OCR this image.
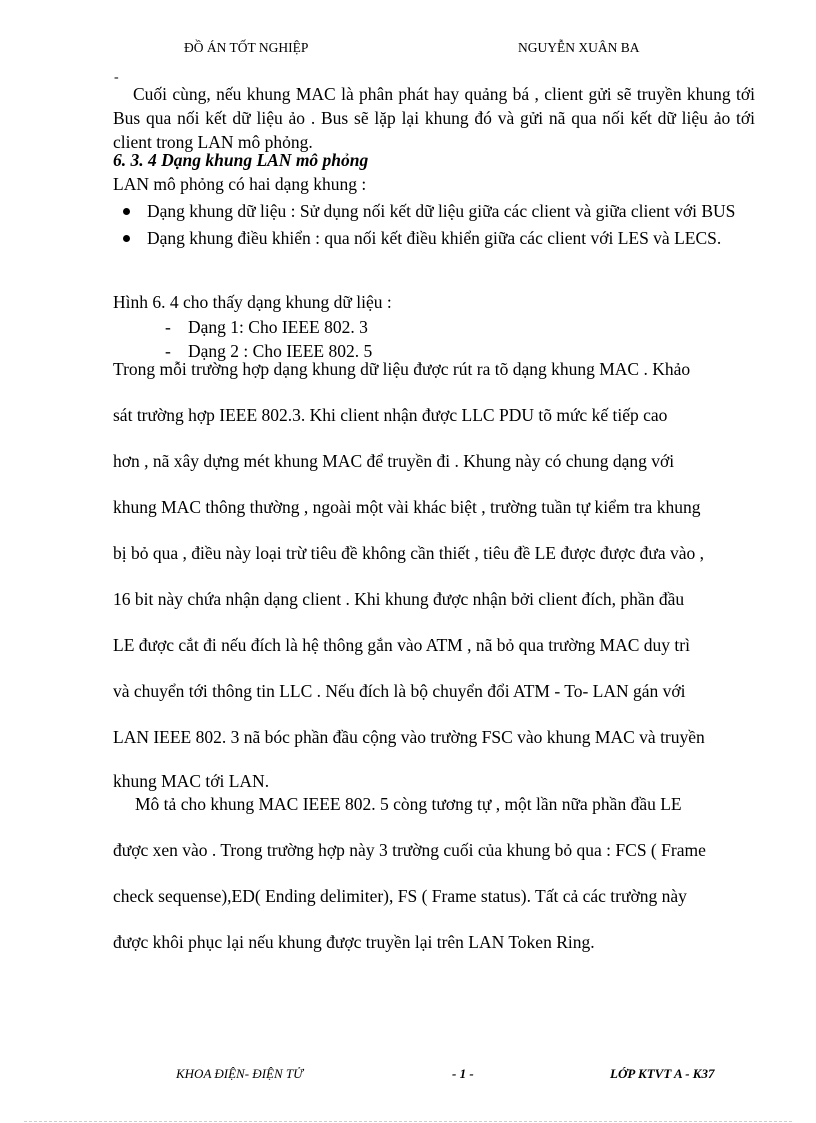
ĐỒ ÁN TỐT NGHIỆP	NGUYỄN XUÂN BA
-
Cuối cùng, nếu khung MAC là phân phát hay quảng bá , client gửi sẽ truyền khung tới Bus qua nối kết dữ liệu ảo . Bus sẽ lặp lại khung đó và gửi nã qua nối kết dữ liệu ảo tới client trong LAN mô phỏng.
6. 3. 4 Dạng khung LAN mô phỏng
LAN mô phỏng có hai dạng khung :
Dạng khung dữ liệu : Sử dụng nối kết dữ liệu giữa các client và giữa client với BUS
Dạng khung điều khiển : qua nối kết điều khiển giữa các client với LES và LECS.
Hình 6. 4 cho thấy dạng khung dữ liệu :
- Dạng 1: Cho IEEE 802. 3
- Dạng 2 : Cho IEEE 802. 5
Trong mỗi trường hợp dạng khung dữ liệu được rút ra tõ dạng khung MAC . Khảo
sát trường hợp IEEE 802.3. Khi client nhận được LLC PDU tõ mức kế tiếp cao
hơn , nã xây dựng mét khung MAC để truyền đi . Khung này có chung dạng với
khung MAC thông thường , ngoài một vài khác biệt , trường tuần tự kiểm tra khung
bị bỏ qua , điều này loại trừ tiêu đề không cần thiết , tiêu đề LE được được đưa vào ,
16 bit này chứa nhận dạng client . Khi khung được nhận bởi client đích, phần đầu
LE được cắt đi nếu đích là hệ thông gắn vào ATM , nã bỏ qua trường MAC duy trì
và chuyển tới thông tin LLC . Nếu đích là bộ chuyển đổi ATM - To- LAN gán với
LAN IEEE 802. 3 nã bóc phần đầu cộng vào trường FSC vào khung MAC và truyền
khung MAC tới LAN.
Mô tả cho khung MAC IEEE 802. 5 còng tương tự , một lần nữa phần đầu LE
được xen vào . Trong trường hợp này 3 trường cuối của khung bỏ qua : FCS ( Frame
check sequense),ED( Ending delimiter), FS ( Frame status). Tất cả các trường này
được khôi phục lại nếu khung được truyền lại trên LAN Token Ring.
KHOA ĐIỆN- ĐIỆN TỬ	- 1 -	LỚP KTVT A - K37
